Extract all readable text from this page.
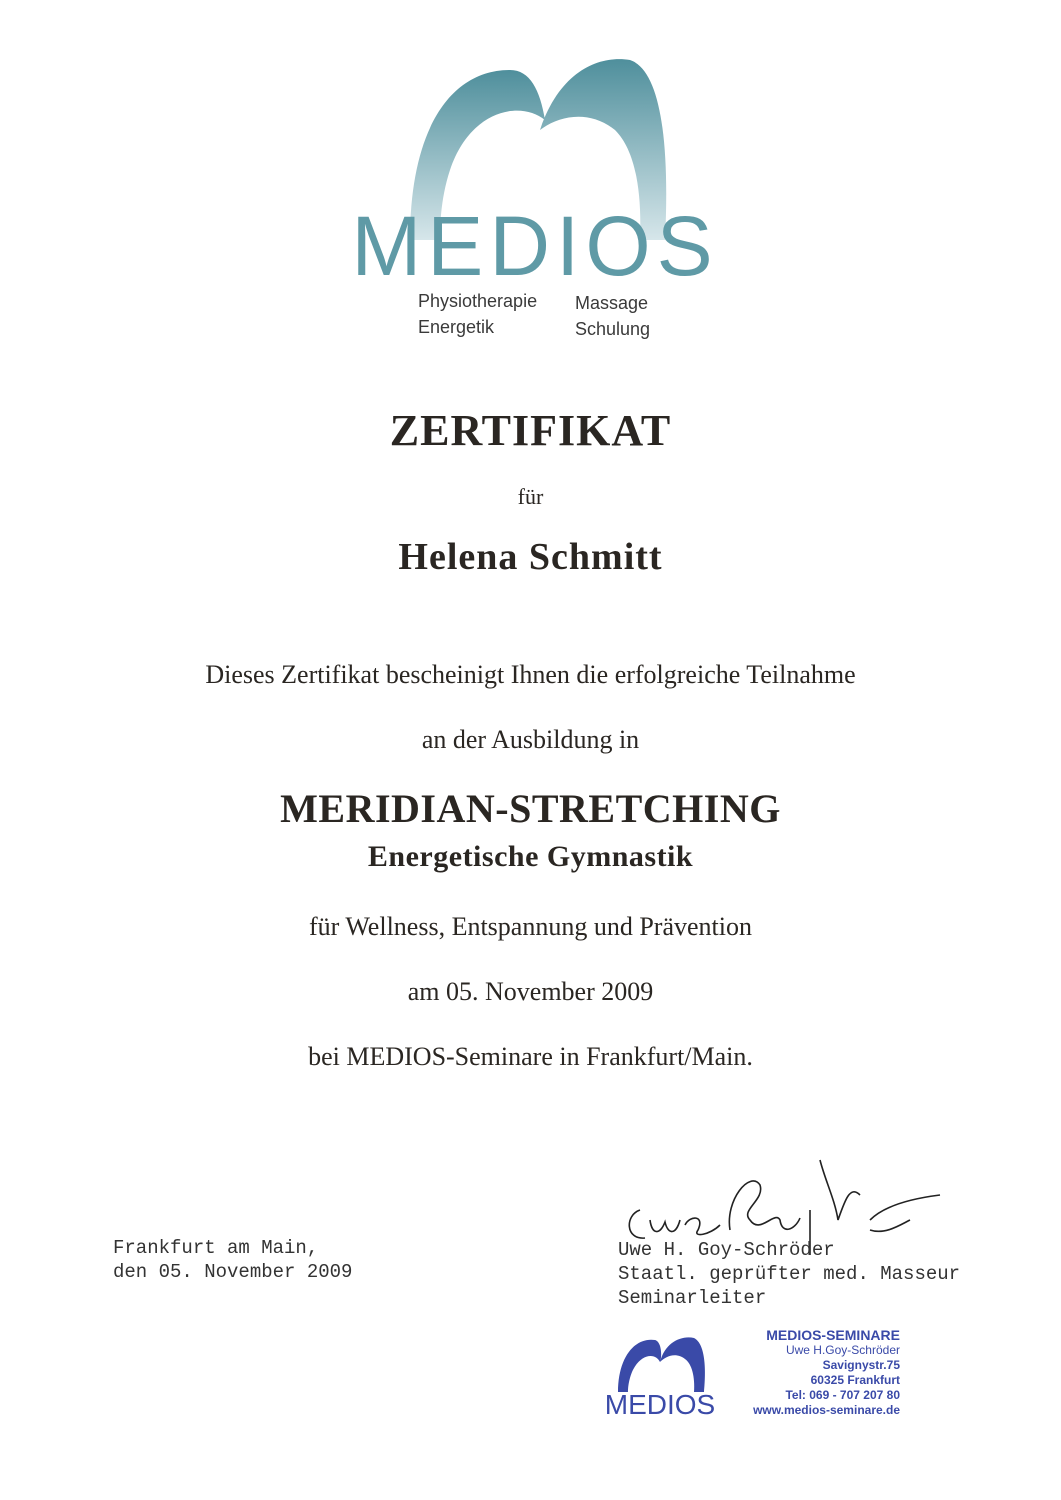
MEDIOS
Physiotherapie
Energetik
Massage
Schulung
ZERTIFIKAT
für
Helena Schmitt
Dieses Zertifikat bescheinigt Ihnen die erfolgreiche Teilnahme
an der Ausbildung in
MERIDIAN-STRETCHING
Energetische Gymnastik
für Wellness, Entspannung und Prävention
am 05. November 2009
bei MEDIOS-Seminare in Frankfurt/Main.
Frankfurt am Main,
den 05. November 2009
Uwe H. Goy-Schröder
Staatl. geprüfter med. Masseur
Seminarleiter
MEDIOS
MEDIOS-SEMINARE
Uwe H.Goy-Schröder
Savignystr.75
60325 Frankfurt
Tel: 069 - 707 207 80
www.medios-seminare.de
